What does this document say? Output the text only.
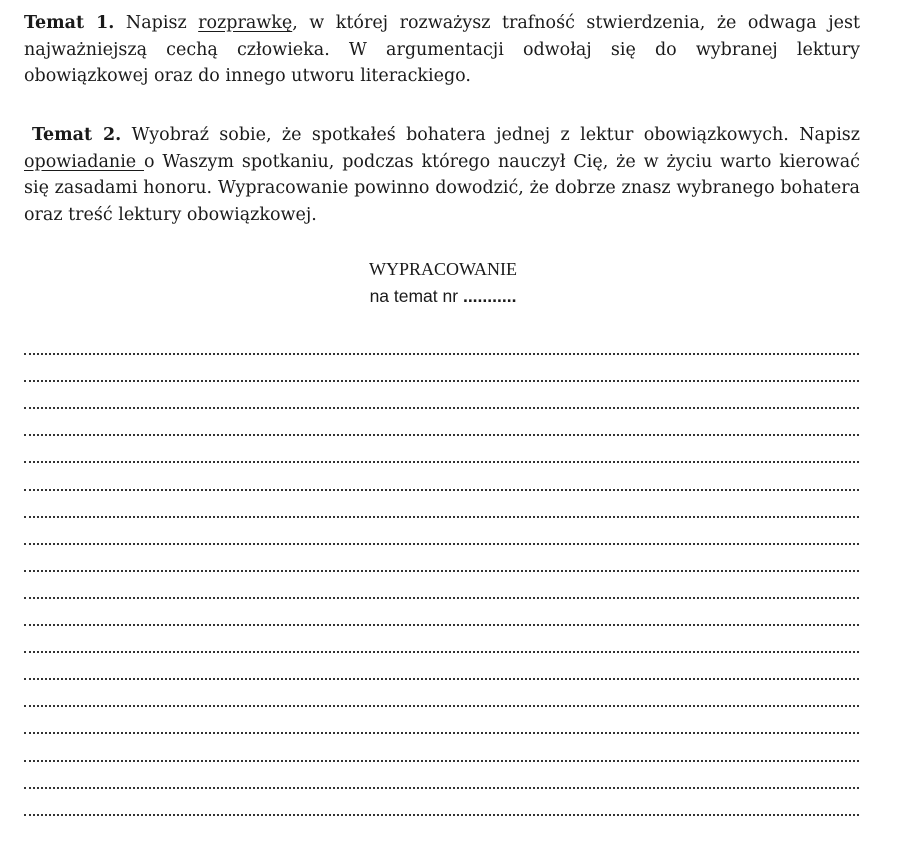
Temat 1. Napisz rozprawkę, w której rozważysz trafność stwierdzenia, że odwaga jest najważniejszą cechą człowieka. W argumentacji odwołaj się do wybranej lektury obowiązkowej oraz do innego utworu literackiego.

Temat 2. Wyobraź sobie, że spotkałeś bohatera jednej z lektur obowiązkowych. Napisz opowiadanie o Waszym spotkaniu, podczas którego nauczył Cię, że w życiu warto kierować się zasadami honoru. Wypracowanie powinno dowodzić, że dobrze znasz wybranego bohatera oraz treść lektury obowiązkowej.

WYPRACOWANIE
na temat nr ...........
